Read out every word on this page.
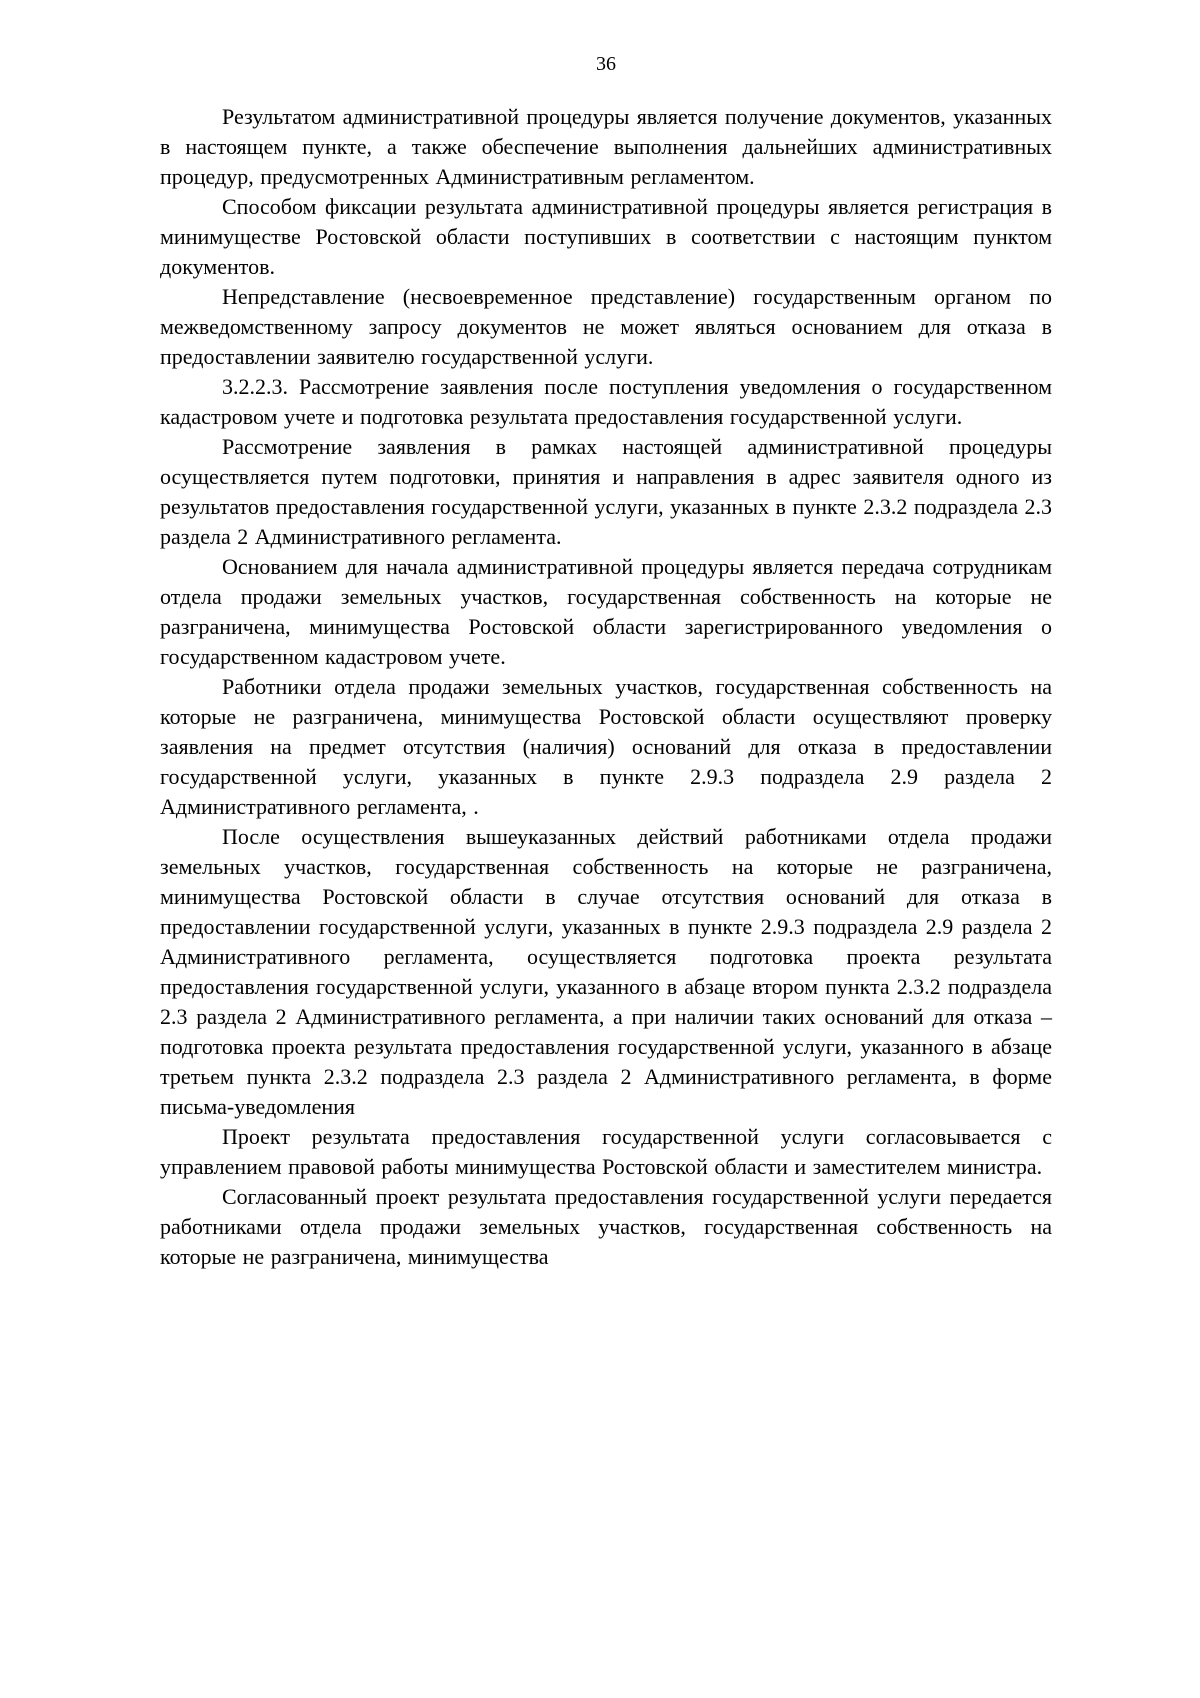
36

Результатом административной процедуры является получение документов, указанных в настоящем пункте, а также обеспечение выполнения дальнейших административных процедур, предусмотренных Административным регламентом.

Способом фиксации результата административной процедуры является регистрация в минимуществе Ростовской области поступивших в соответствии с настоящим пунктом документов.

Непредставление (несвоевременное представление) государственным органом по межведомственному запросу документов не может являться основанием для отказа в предоставлении заявителю государственной услуги.

3.2.2.3. Рассмотрение заявления после поступления уведомления о государственном кадастровом учете и подготовка результата предоставления государственной услуги.

Рассмотрение заявления в рамках настоящей административной процедуры осуществляется путем подготовки, принятия и направления в адрес заявителя одного из результатов предоставления государственной услуги, указанных в пункте 2.3.2 подраздела 2.3 раздела 2 Административного регламента.

Основанием для начала административной процедуры является передача сотрудникам отдела продажи земельных участков, государственная собственность на которые не разграничена, минимущества Ростовской области зарегистрированного уведомления о государственном кадастровом учете.

Работники отдела продажи земельных участков, государственная собственность на которые не разграничена, минимущества Ростовской области осуществляют проверку заявления на предмет отсутствия (наличия) оснований для отказа в предоставлении государственной услуги, указанных в пункте 2.9.3 подраздела 2.9 раздела 2 Административного регламента, .

После осуществления вышеуказанных действий работниками отдела продажи земельных участков, государственная собственность на которые не разграничена, минимущества Ростовской области в случае отсутствия оснований для отказа в предоставлении государственной услуги, указанных в пункте 2.9.3 подраздела 2.9 раздела 2 Административного регламента, осуществляется подготовка проекта результата предоставления государственной услуги, указанного в абзаце втором пункта 2.3.2 подраздела 2.3 раздела 2 Административного регламента, а при наличии таких оснований для отказа – подготовка проекта результата предоставления государственной услуги, указанного в абзаце третьем пункта 2.3.2 подраздела 2.3 раздела 2 Административного регламента, в форме письма-уведомления

Проект результата предоставления государственной услуги согласовывается с управлением правовой работы минимущества Ростовской области и заместителем министра.

Согласованный проект результата предоставления государственной услуги передается работниками отдела продажи земельных участков, государственная собственность на которые не разграничена, минимущества
